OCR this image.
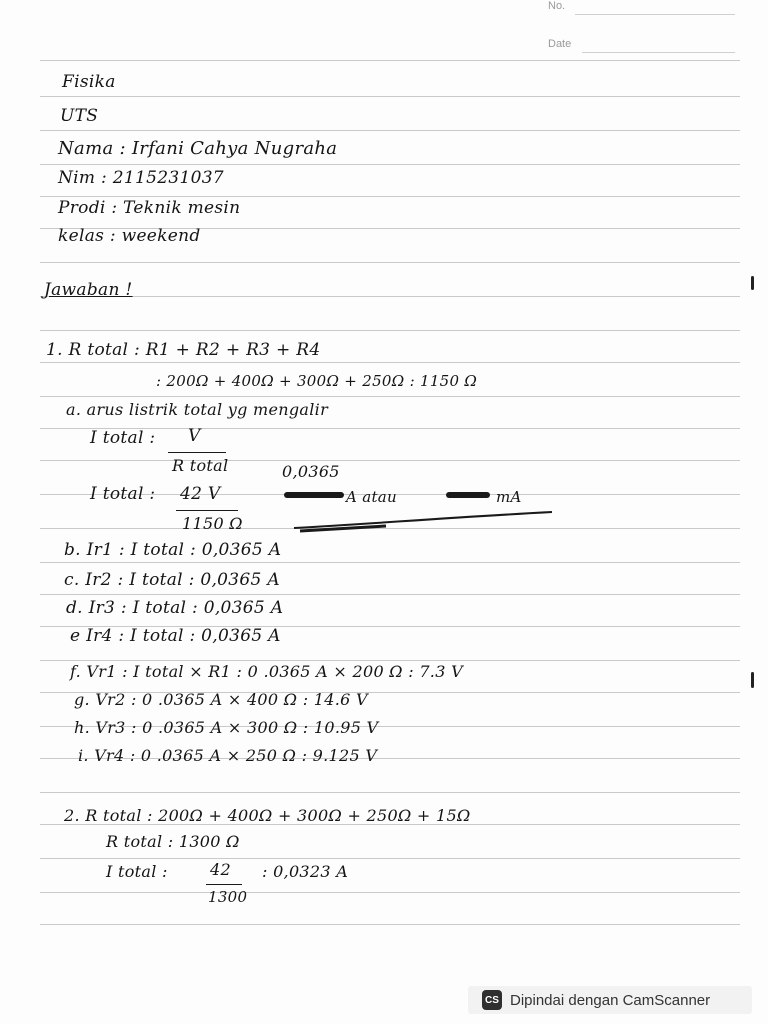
No.
Date
Fisika
UTS
Nama : Irfani Cahya Nugraha
Nim : 2115231037
Prodi : Teknik mesin
kelas : weekend
Jawaban !
1. R total : R1 + R2 + R3 + R4
: 200Ω + 400Ω + 300Ω + 250Ω : 1150 Ω
a. arus listrik total yg mengalir
I total : V
R total	0,0365
I total : 42 V
1150 Ω
A atau	mA
b. Ir1 : I total : 0,0365 A
c. Ir2 : I total : 0,0365 A
d. Ir3 : I total : 0,0365 A
e Ir4 : I total : 0,0365 A
f. Vr1 : I total × R1 : 0 .0365 A × 200 Ω : 7.3 V
g. Vr2 : 0 .0365 A × 400 Ω : 14.6 V
h. Vr3 : 0 .0365 A × 300 Ω : 10.95 V
i. Vr4 : 0 .0365 A × 250 Ω : 9.125 V
2. R total : 200Ω + 400Ω + 300Ω + 250Ω + 15Ω
R total : 1300 Ω
I total :	42
1300
: 0,0323 A
CS Dipindai dengan CamScanner
